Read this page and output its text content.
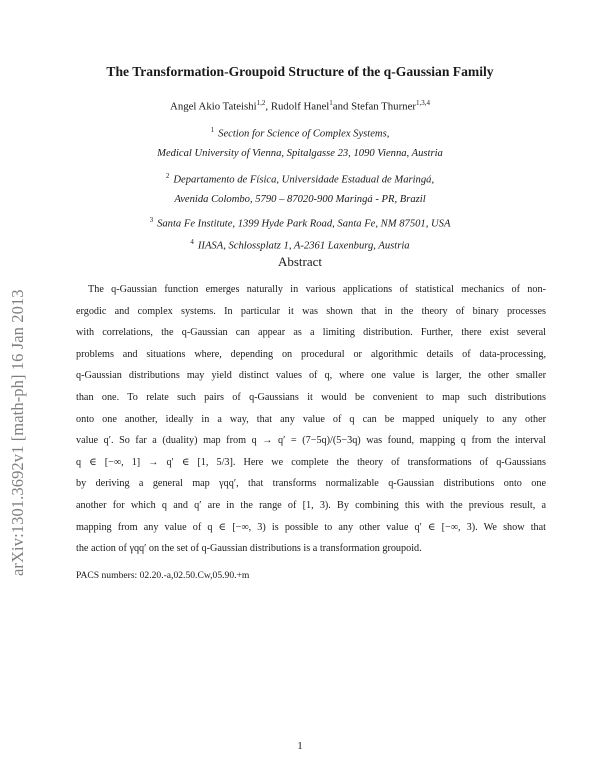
arXiv:1301.3692v1 [math-ph] 16 Jan 2013
The Transformation-Groupoid Structure of the q-Gaussian Family
Angel Akio Tateishi$^{1,2}$, Rudolf Hanel$^1$and Stefan Thurner$^{1,3,4}$
$^1$ Section for Science of Complex Systems,
Medical University of Vienna, Spitalgasse 23, 1090 Vienna, Austria
$^2$ Departamento de Física, Universidade Estadual de Maringá,
Avenida Colombo, 5790 – 87020-900 Maringá - PR, Brazil
$^3$ Santa Fe Institute, 1399 Hyde Park Road, Santa Fe, NM 87501, USA
$^4$ IIASA, Schlossplatz 1, A-2361 Laxenburg, Austria
Abstract
The q-Gaussian function emerges naturally in various applications of statistical mechanics of non-
ergodic and complex systems. In particular it was shown that in the theory of binary processes
with correlations, the q-Gaussian can appear as a limiting distribution. Further, there exist several
problems and situations where, depending on procedural or algorithmic details of data-processing,
q-Gaussian distributions may yield distinct values of q, where one value is larger, the other smaller
than one. To relate such pairs of q-Gaussians it would be convenient to map such distributions
onto one another, ideally in a way, that any value of q can be mapped uniquely to any other
value q′. So far a (duality) map from q → q′ = (7−5q)/(5−3q) was found, mapping q from the interval
q ∈ [−∞, 1] → q′ ∈ [1, 5/3]. Here we complete the theory of transformations of q-Gaussians
by deriving a general map γqq′, that transforms normalizable q-Gaussian distributions onto one
another for which q and q′ are in the range of [1, 3). By combining this with the previous result, a
mapping from any value of q ∈ [−∞, 3) is possible to any other value q′ ∈ [−∞, 3). We show that
the action of γqq′ on the set of q-Gaussian distributions is a transformation groupoid.
PACS numbers: 02.20.-a,02.50.Cw,05.90.+m
1
